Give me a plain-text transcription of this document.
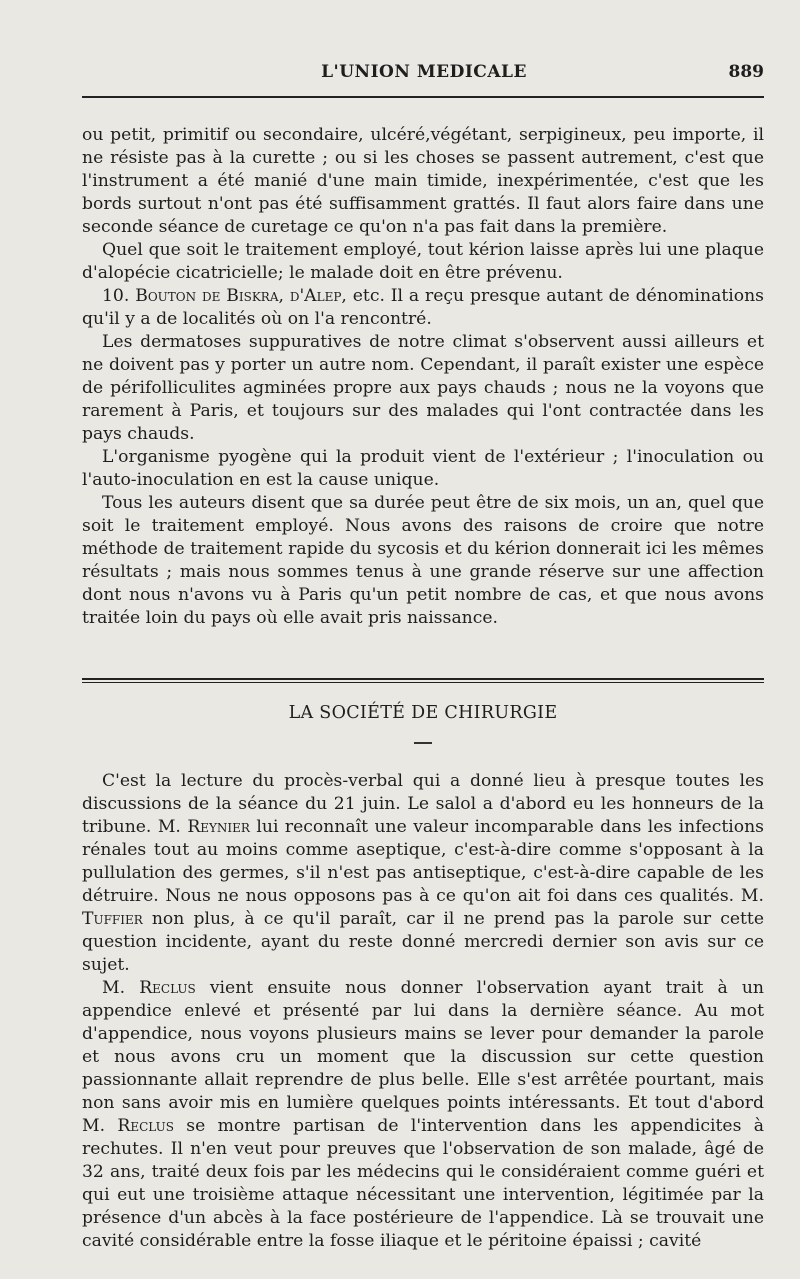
L'UNION MEDICALE	889

ou petit, primitif ou secondaire, ulcéré,végétant, serpigineux, peu importe, il ne résiste pas à la curette ; ou si les choses se passent autrement, c'est que l'instrument a été manié d'une main timide, inexpérimentée, c'est que les bords surtout n'ont pas été suffisamment grattés. Il faut alors faire dans une seconde séance de curetage ce qu'on n'a pas fait dans la première.

Quel que soit le traitement employé, tout kérion laisse après lui une plaque d'alopécie cicatricielle; le malade doit en être prévenu.

10. Bouton de Biskra, d'Alep, etc. Il a reçu presque autant de dénominations qu'il y a de localités où on l'a rencontré.

Les dermatoses suppuratives de notre climat s'observent aussi ailleurs et ne doivent pas y porter un autre nom. Cependant, il paraît exister une espèce de périfolliculites agminées propre aux pays chauds ; nous ne la voyons que rarement à Paris, et toujours sur des malades qui l'ont contractée dans les pays chauds.

L'organisme pyogène qui la produit vient de l'extérieur ; l'inoculation ou l'auto-inoculation en est la cause unique.

Tous les auteurs disent que sa durée peut être de six mois, un an, quel que soit le traitement employé. Nous avons des raisons de croire que notre méthode de traitement rapide du sycosis et du kérion donnerait ici les mêmes résultats ; mais nous sommes tenus à une grande réserve sur une affection dont nous n'avons vu à Paris qu'un petit nombre de cas, et que nous avons traitée loin du pays où elle avait pris naissance.

LA SOCIÉTÉ DE CHIRURGIE

C'est la lecture du procès-verbal qui a donné lieu à presque toutes les discussions de la séance du 21 juin. Le salol a d'abord eu les honneurs de la tribune. M. Reynier lui reconnaît une valeur incomparable dans les infections rénales tout au moins comme aseptique, c'est-à-dire comme s'opposant à la pullulation des germes, s'il n'est pas antiseptique, c'est-à-dire capable de les détruire. Nous ne nous opposons pas à ce qu'on ait foi dans ces qualités. M. Tuffier non plus, à ce qu'il paraît, car il ne prend pas la parole sur cette question incidente, ayant du reste donné mercredi dernier son avis sur ce sujet.

M. Reclus vient ensuite nous donner l'observation ayant trait à un appendice enlevé et présenté par lui dans la dernière séance. Au mot d'appendice, nous voyons plusieurs mains se lever pour demander la parole et nous avons cru un moment que la discussion sur cette question passionnante allait reprendre de plus belle. Elle s'est arrêtée pourtant, mais non sans avoir mis en lumière quelques points intéressants. Et tout d'abord M. Reclus se montre partisan de l'intervention dans les appendicites à rechutes. Il n'en veut pour preuves que l'observation de son malade, âgé de 32 ans, traité deux fois par les médecins qui le considéraient comme guéri et qui eut une troisième attaque nécessitant une intervention, légitimée par la présence d'un abcès à la face postérieure de l'appendice. Là se trouvait une cavité considérable entre la fosse iliaque et le péritoine épaissi ; cavité
